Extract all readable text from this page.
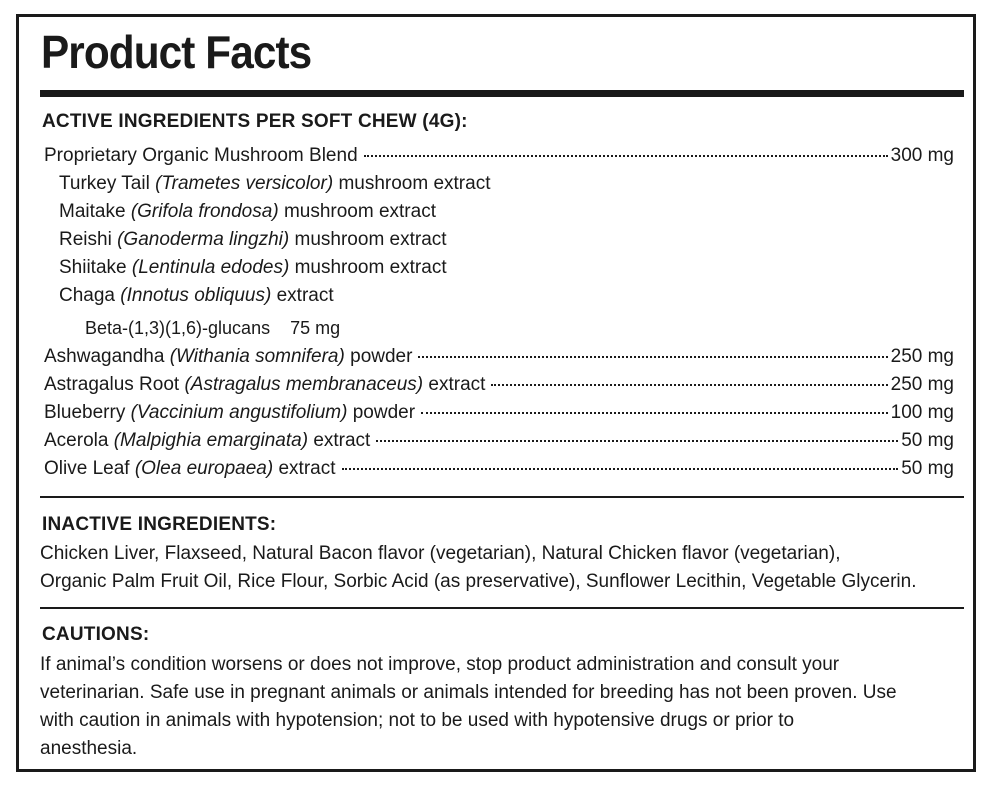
Product Facts
ACTIVE INGREDIENTS PER SOFT CHEW (4G):
Proprietary Organic Mushroom Blend	300 mg
Turkey Tail (Trametes versicolor) mushroom extract
Maitake (Grifola frondosa) mushroom extract
Reishi (Ganoderma lingzhi) mushroom extract
Shiitake (Lentinula edodes) mushroom extract
Chaga (Innotus obliquus) extract
Beta-(1,3)(1,6)-glucans 75 mg
Ashwagandha (Withania somnifera) powder	250 mg
Astragalus Root (Astragalus membranaceus) extract	250 mg
Blueberry (Vaccinium angustifolium) powder	100 mg
Acerola (Malpighia emarginata) extract	50 mg
Olive Leaf (Olea europaea) extract	50 mg
INACTIVE INGREDIENTS:
Chicken Liver, Flaxseed, Natural Bacon flavor (vegetarian), Natural Chicken flavor (vegetarian),
Organic Palm Fruit Oil, Rice Flour, Sorbic Acid (as preservative), Sunflower Lecithin, Vegetable Glycerin.
CAUTIONS:
If animal’s condition worsens or does not improve, stop product administration and consult your
veterinarian. Safe use in pregnant animals or animals intended for breeding has not been proven. Use
with caution in animals with hypotension; not to be used with hypotensive drugs or prior to
anesthesia.
